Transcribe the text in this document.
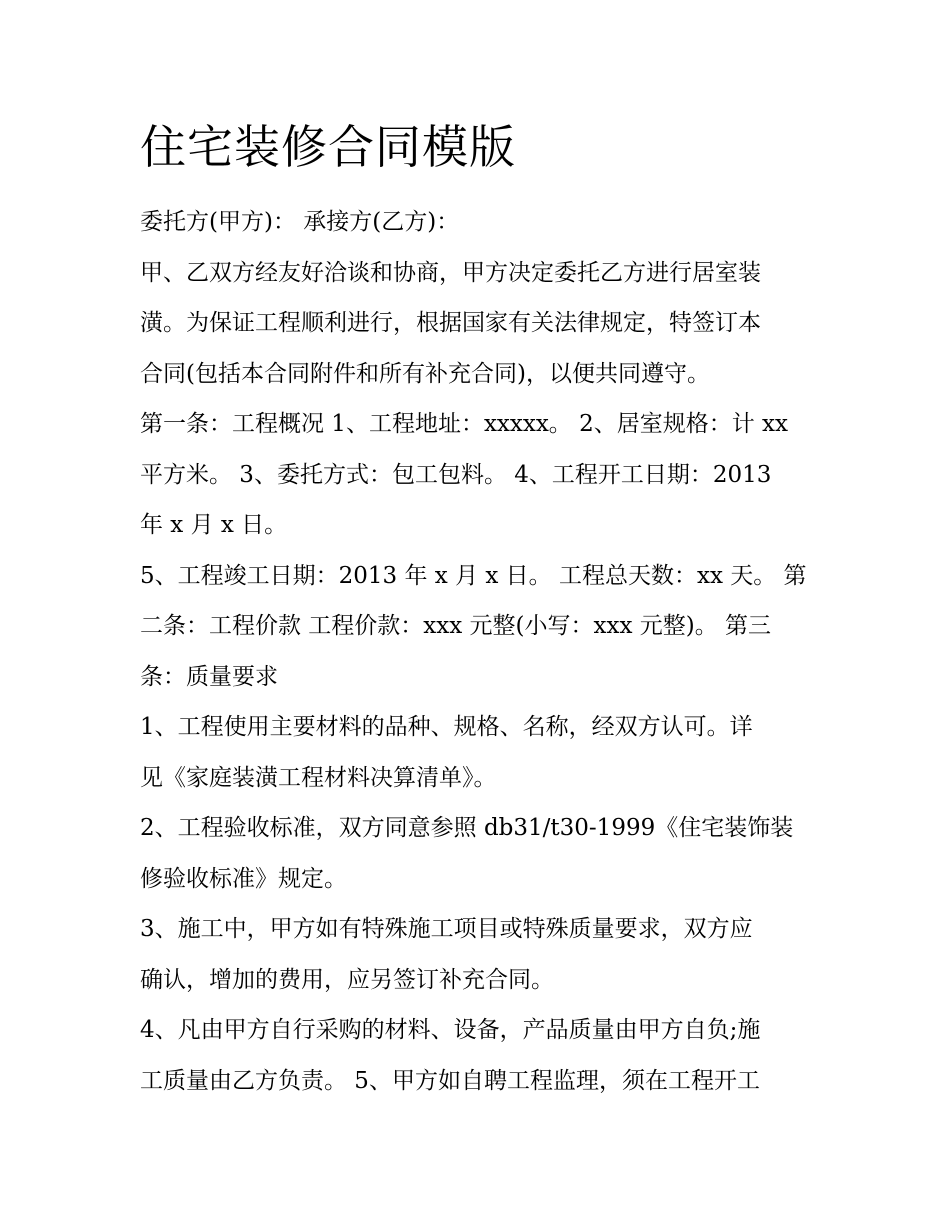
住宅装修合同模版

委托方(甲方)： 承接方(乙方)：

甲、乙双方经友好洽谈和协商，甲方决定委托乙方进行居室装

潢。为保证工程顺利进行，根据国家有关法律规定，特签订本

合同(包括本合同附件和所有补充合同)，以便共同遵守。

第一条：工程概况 1、工程地址：xxxxx。 2、居室规格：计 xx

平方米。 3、委托方式：包工包料。 4、工程开工日期：2013

年 x 月 x 日。

5、工程竣工日期：2013 年 x 月 x 日。 工程总天数：xx 天。 第

二条：工程价款 工程价款：xxx 元整(小写：xxx 元整)。 第三

条：质量要求

1、工程使用主要材料的品种、规格、名称，经双方认可。详

见《家庭装潢工程材料决算清单》。

2、工程验收标准，双方同意参照 db31/t30-1999《住宅装饰装

修验收标准》规定。

3、施工中，甲方如有特殊施工项目或特殊质量要求，双方应

确认，增加的费用，应另签订补充合同。

4、凡由甲方自行采购的材料、设备，产品质量由甲方自负;施

工质量由乙方负责。 5、甲方如自聘工程监理，须在工程开工
